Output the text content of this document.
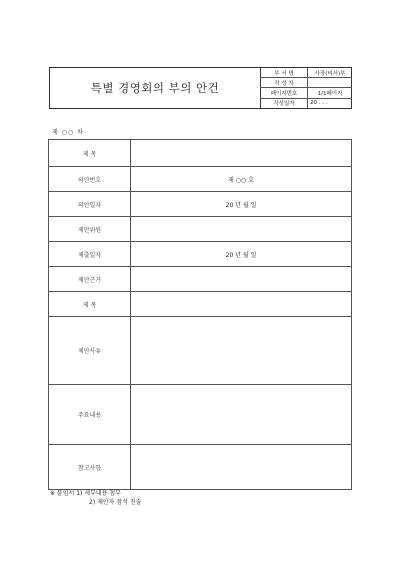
특별 경영회의 부의 안건
부 서 명	사장(비서)부
작 성 자	
페이지번호	1/1페이지
작성일자	20 . . .
제 ○○ 차
제 목	
의안번호	제 ○○ 호
의안일자	20 년 월 일
제안위원	
제출일자	20 년 월 일
제안근거	
제 목	
제안사유	
주요내용	
참고사항	
※ 붙임서 1) 세부내용 첨부
2) 제안자 참석 진술
